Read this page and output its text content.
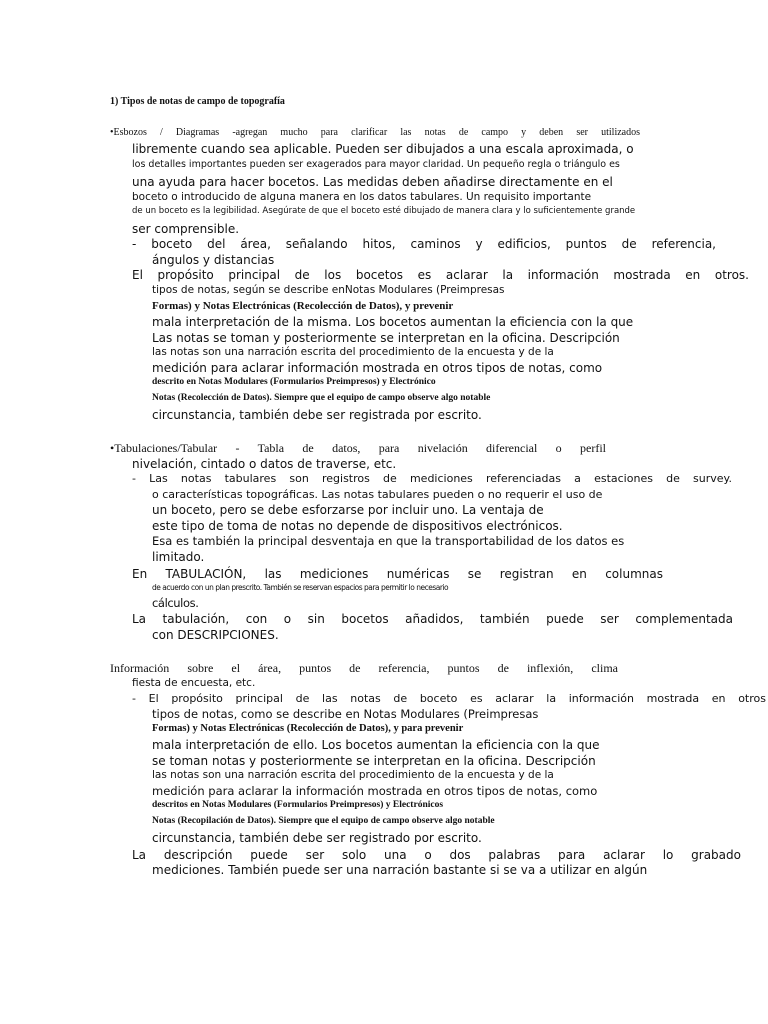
1) Tipos de notas de campo de topografía
•Esbozos / Diagramas -agregan mucho para clarificar las notas de campo y deben ser utilizados
libremente cuando sea aplicable. Pueden ser dibujados a una escala aproximada, o
los detalles importantes pueden ser exagerados para mayor claridad. Un pequeño regla o triángulo es
una ayuda para hacer bocetos. Las medidas deben añadirse directamente en el
boceto o introducido de alguna manera en los datos tabulares. Un requisito importante
de un boceto es la legibilidad. Asegúrate de que el boceto esté dibujado de manera clara y lo suficientemente grande
ser comprensible.
- boceto del área, señalando hitos, caminos y edificios, puntos de referencia,
ángulos y distancias
El propósito principal de los bocetos es aclarar la información mostrada en otros.
tipos de notas, según se describe enNotas Modulares (Preimpresas
Formas) y Notas Electrónicas (Recolección de Datos), y prevenir
mala interpretación de la misma. Los bocetos aumentan la eficiencia con la que
Las notas se toman y posteriormente se interpretan en la oficina. Descripción
las notas son una narración escrita del procedimiento de la encuesta y de la
medición para aclarar información mostrada en otros tipos de notas, como
descrito en Notas Modulares (Formularios Preimpresos) y Electrónico
Notas (Recolección de Datos). Siempre que el equipo de campo observe algo notable
circunstancia, también debe ser registrada por escrito.
•Tabulaciones/Tabular - Tabla de datos, para nivelación diferencial o perfil
nivelación, cintado o datos de traverse, etc.
- Las notas tabulares son registros de mediciones referenciadas a estaciones de survey.
o características topográficas. Las notas tabulares pueden o no requerir el uso de
un boceto, pero se debe esforzarse por incluir uno. La ventaja de
este tipo de toma de notas no depende de dispositivos electrónicos.
Esa es también la principal desventaja en que la transportabilidad de los datos es
limitado.
En TABULACIÓN, las mediciones numéricas se registran en columnas
de acuerdo con un plan prescrito. También se reservan espacios para permitir lo necesario
cálculos.
La tabulación, con o sin bocetos añadidos, también puede ser complementada
con DESCRIPCIONES.
Información sobre el área, puntos de referencia, puntos de inflexión, clima
fiesta de encuesta, etc.
- El propósito principal de las notas de boceto es aclarar la información mostrada en otros
tipos de notas, como se describe en Notas Modulares (Preimpresas
Formas) y Notas Electrónicas (Recolección de Datos), y para prevenir
mala interpretación de ello. Los bocetos aumentan la eficiencia con la que
se toman notas y posteriormente se interpretan en la oficina. Descripción
las notas son una narración escrita del procedimiento de la encuesta y de la
medición para aclarar la información mostrada en otros tipos de notas, como
descritos en Notas Modulares (Formularios Preimpresos) y Electrónicos
Notas (Recopilación de Datos). Siempre que el equipo de campo observe algo notable
circunstancia, también debe ser registrado por escrito.
La descripción puede ser solo una o dos palabras para aclarar lo grabado
mediciones. También puede ser una narración bastante si se va a utilizar en algún
